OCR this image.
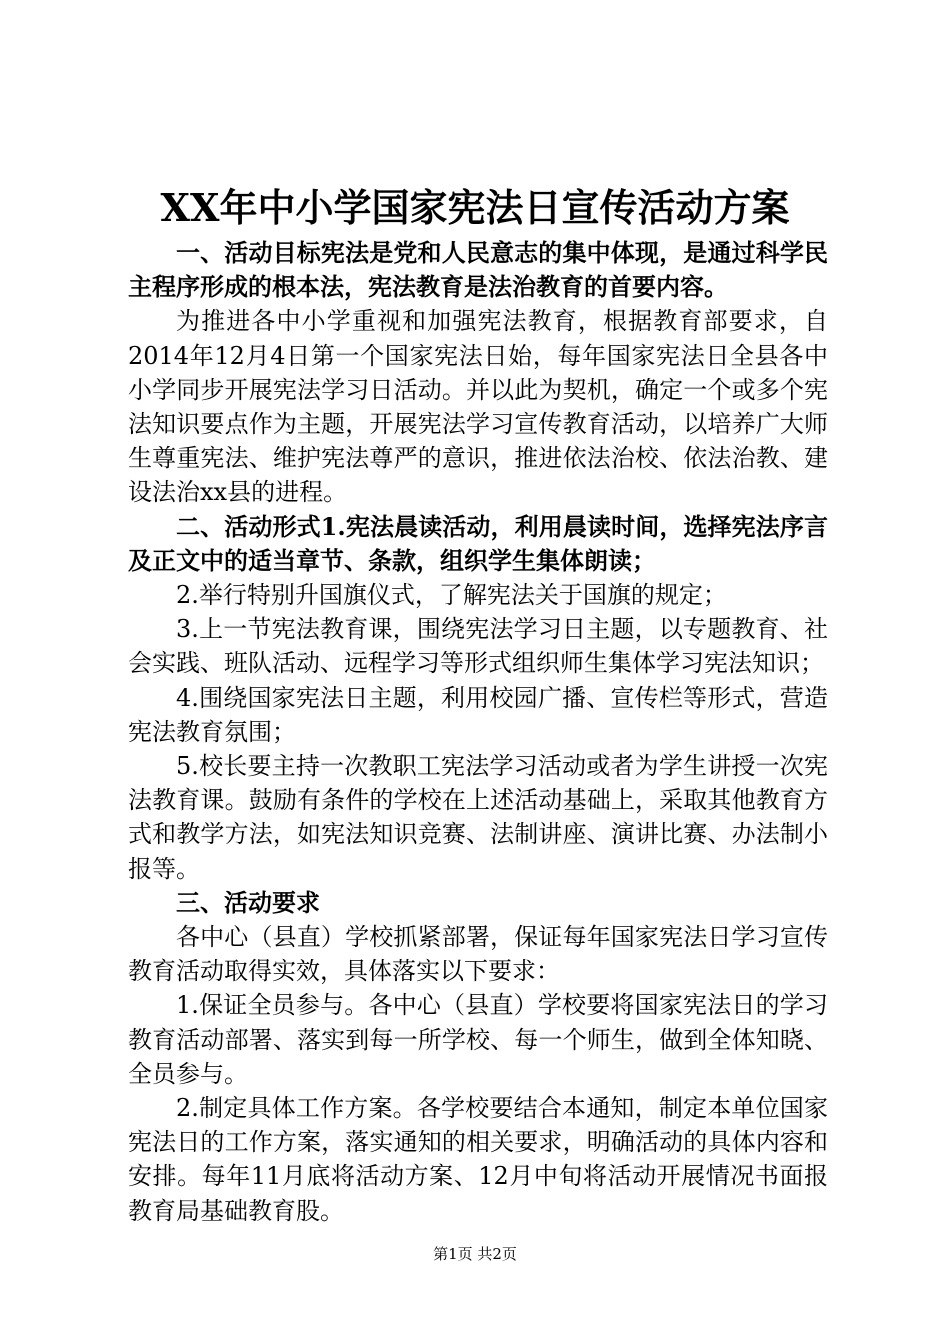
XX年中小学国家宪法日宣传活动方案

一、活动目标宪法是党和人民意志的集中体现，是通过科学民主程序形成的根本法，宪法教育是法治教育的首要内容。

为推进各中小学重视和加强宪法教育，根据教育部要求，自2014年12月4日第一个国家宪法日始，每年国家宪法日全县各中小学同步开展宪法学习日活动。并以此为契机，确定一个或多个宪法知识要点作为主题，开展宪法学习宣传教育活动，以培养广大师生尊重宪法、维护宪法尊严的意识，推进依法治校、依法治教、建设法治xx县的进程。

二、活动形式1.宪法晨读活动，利用晨读时间，选择宪法序言及正文中的适当章节、条款，组织学生集体朗读；

2.举行特别升国旗仪式，了解宪法关于国旗的规定；

3.上一节宪法教育课，围绕宪法学习日主题，以专题教育、社会实践、班队活动、远程学习等形式组织师生集体学习宪法知识；

4.围绕国家宪法日主题，利用校园广播、宣传栏等形式，营造宪法教育氛围；

5.校长要主持一次教职工宪法学习活动或者为学生讲授一次宪法教育课。鼓励有条件的学校在上述活动基础上，采取其他教育方式和教学方法，如宪法知识竞赛、法制讲座、演讲比赛、办法制小报等。

三、活动要求

各中心（县直）学校抓紧部署，保证每年国家宪法日学习宣传教育活动取得实效，具体落实以下要求：

1.保证全员参与。各中心（县直）学校要将国家宪法日的学习教育活动部署、落实到每一所学校、每一个师生，做到全体知晓、全员参与。

2.制定具体工作方案。各学校要结合本通知，制定本单位国家宪法日的工作方案，落实通知的相关要求，明确活动的具体内容和安排。每年11月底将活动方案、12月中旬将活动开展情况书面报教育局基础教育股。

第1页 共2页
